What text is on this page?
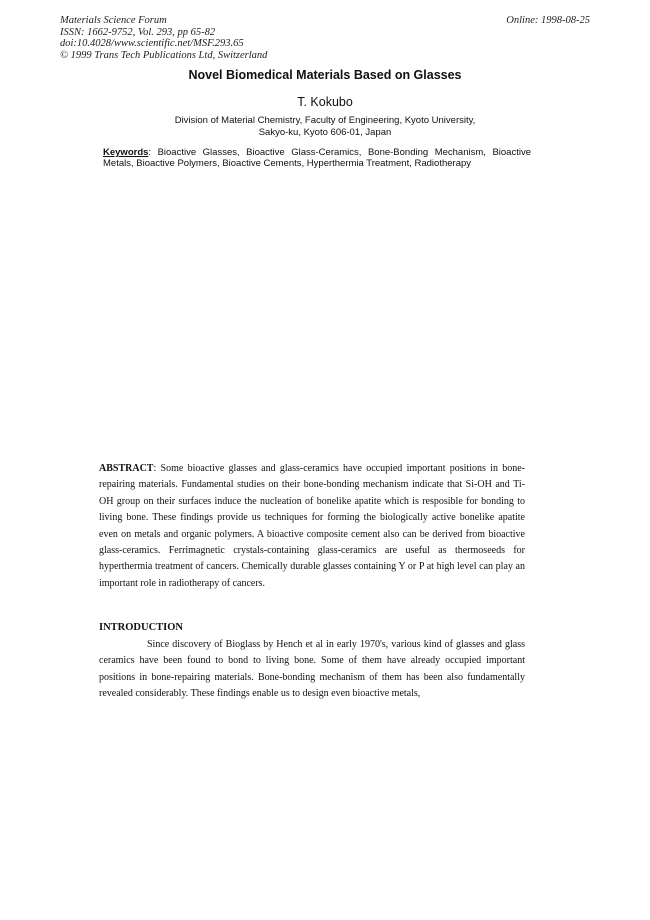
Materials Science Forum
ISSN: 1662-9752, Vol. 293, pp 65-82
doi:10.4028/www.scientific.net/MSF.293.65
© 1999 Trans Tech Publications Ltd, Switzerland
Online: 1998-08-25
Novel Biomedical Materials Based on Glasses
T. Kokubo
Division of Material Chemistry, Faculty of Engineering, Kyoto University,
Sakyo-ku, Kyoto 606-01, Japan
Keywords: Bioactive Glasses, Bioactive Glass-Ceramics, Bone-Bonding Mechanism, Bioactive Metals, Bioactive Polymers, Bioactive Cements, Hyperthermia Treatment, Radiotherapy
ABSTRACT: Some bioactive glasses and glass-ceramics have occupied important positions in bone-repairing materials. Fundamental studies on their bone-bonding mechanism indicate that Si-OH and Ti-OH group on their surfaces induce the nucleation of bonelike apatite which is resposible for bonding to living bone. These findings provide us techniques for forming the biologically active bonelike apatite even on metals and organic polymers. A bioactive composite cement also can be derived from bioactive glass-ceramics. Ferrimagnetic crystals-containing glass-ceramics are useful as thermoseeds for hyperthermia treatment of cancers. Chemically durable glasses containing Y or P at high level can play an important role in radiotherapy of cancers.
INTRODUCTION
Since discovery of Bioglass by Hench et al in early 1970's, various kind of glasses and glass ceramics have been found to bond to living bone. Some of them have already occupied important positions in bone-repairing materials. Bone-bonding mechanism of them has been also fundamentally revealed considerably. These findings enable us to design even bioactive metals,
